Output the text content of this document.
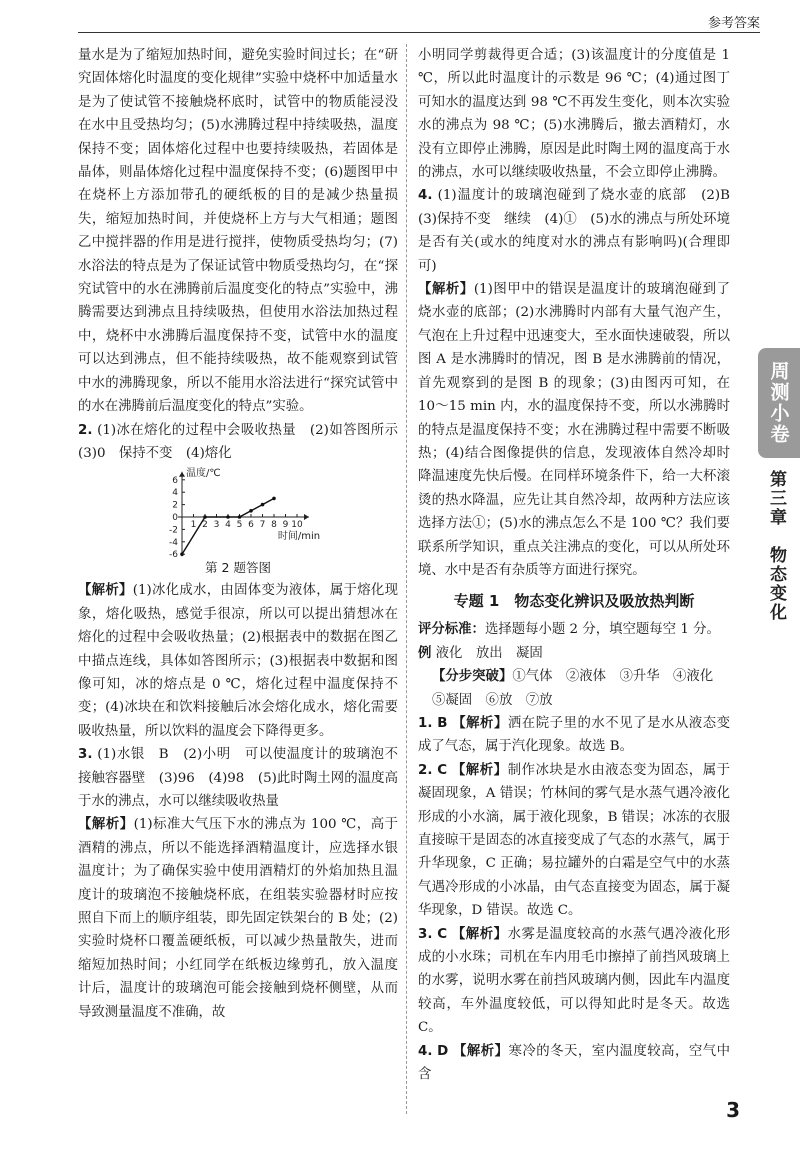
参考答案

量水是为了缩短加热时间，避免实验时间过长；在“研究固体熔化时温度的变化规律”实验中烧杯中加适量水是为了使试管不接触烧杯底时，试管中的物质能浸没在水中且受热均匀；(5)水沸腾过程中持续吸热，温度保持不变；固体熔化过程中也要持续吸热，若固体是晶体，则晶体熔化过程中温度保持不变；(6)题图甲中在烧杯上方添加带孔的硬纸板的目的是减少热量损失，缩短加热时间，并使烧杯上方与大气相通；题图乙中搅拌器的作用是进行搅拌，使物质受热均匀；(7)水浴法的特点是为了保证试管中物质受热均匀，在“探究试管中的水在沸腾前后温度变化的特点”实验中，沸腾需要达到沸点且持续吸热，但使用水浴法加热过程中，烧杯中水沸腾后温度保持不变，试管中水的温度可以达到沸点，但不能持续吸热，故不能观察到试管中水的沸腾现象，所以不能用水浴法进行“探究试管中的水在沸腾前后温度变化的特点”实验。

2. (1)冰在熔化的过程中会吸收热量　(2)如答图所示　(3)0　保持不变　(4)熔化

6
4
2
0
-2
-4
-6
1 2 3 4 5 6 7 8 9 10
温度/℃
时间/min
第 2 题答图

【解析】(1)冰化成水，由固体变为液体，属于熔化现象，熔化吸热，感觉手很凉，所以可以提出猜想冰在熔化的过程中会吸收热量；(2)根据表中的数据在图乙中描点连线，具体如答图所示；(3)根据表中数据和图像可知，冰的熔点是 0 ℃，熔化过程中温度保持不变；(4)冰块在和饮料接触后冰会熔化成水，熔化需要吸收热量，所以饮料的温度会下降得更多。

3. (1)水银　B　(2)小明　可以使温度计的玻璃泡不接触容器壁　(3)96　(4)98　(5)此时陶土网的温度高于水的沸点，水可以继续吸收热量

【解析】(1)标准大气压下水的沸点为 100 ℃，高于酒精的沸点，所以不能选择酒精温度计，应选择水银温度计；为了确保实验中使用酒精灯的外焰加热且温度计的玻璃泡不接触烧杯底，在组装实验器材时应按照自下而上的顺序组装，即先固定铁架台的 B 处；(2)实验时烧杯口覆盖硬纸板，可以减少热量散失，进而缩短加热时间；小红同学在纸板边缘剪孔，放入温度计后，温度计的玻璃泡可能会接触到烧杯侧壁，从而导致测量温度不准确，故

小明同学剪裁得更合适；(3)该温度计的分度值是 1 ℃，所以此时温度计的示数是 96 ℃；(4)通过图丁可知水的温度达到 98 ℃不再发生变化，则本次实验水的沸点为 98 ℃；(5)水沸腾后，撤去酒精灯，水没有立即停止沸腾，原因是此时陶土网的温度高于水的沸点，水可以继续吸收热量，不会立即停止沸腾。

4. (1)温度计的玻璃泡碰到了烧水壶的底部　(2)B　(3)保持不变　继续　(4)①　(5)水的沸点与所处环境是否有关(或水的纯度对水的沸点有影响吗)(合理即可)

【解析】(1)图甲中的错误是温度计的玻璃泡碰到了烧水壶的底部；(2)水沸腾时内部有大量气泡产生，气泡在上升过程中迅速变大，至水面快速破裂，所以图 A 是水沸腾时的情况，图 B 是水沸腾前的情况，首先观察到的是图 B 的现象；(3)由图丙可知，在 10～15 min 内，水的温度保持不变，所以水沸腾时的特点是温度保持不变；水在沸腾过程中需要不断吸热；(4)结合图像提供的信息，发现液体自然冷却时降温速度先快后慢。在同样环境条件下，给一大杯滚烫的热水降温，应先让其自然冷却，故两种方法应该选择方法①；(5)水的沸点怎么不是 100 ℃？我们要联系所学知识，重点关注沸点的变化，可以从所处环境、水中是否有杂质等方面进行探究。

专题 1　物态变化辨识及吸放热判断

评分标准：选择题每小题 2 分，填空题每空 1 分。

例 液化　放出　凝固

【分步突破】①气体　②液体　③升华　④液化

⑤凝固　⑥放　⑦放

1. B 【解析】洒在院子里的水不见了是水从液态变成了气态，属于汽化现象。故选 B。

2. C 【解析】制作冰块是水由液态变为固态，属于凝固现象，A 错误；竹林间的雾气是水蒸气遇冷液化形成的小水滴，属于液化现象，B 错误；冰冻的衣服直接晾干是固态的冰直接变成了气态的水蒸气，属于升华现象，C 正确；易拉罐外的白霜是空气中的水蒸气遇冷形成的小冰晶，由气态直接变为固态，属于凝华现象，D 错误。故选 C。

3. C 【解析】水雾是温度较高的水蒸气遇冷液化形成的小水珠；司机在车内用毛巾擦掉了前挡风玻璃上的水雾，说明水雾在前挡风玻璃内侧，因此车内温度较高，车外温度较低，可以得知此时是冬天。故选 C。

4. D 【解析】寒冷的冬天，室内温度较高，空气中含

周测小卷
第三章　物态变化
3
